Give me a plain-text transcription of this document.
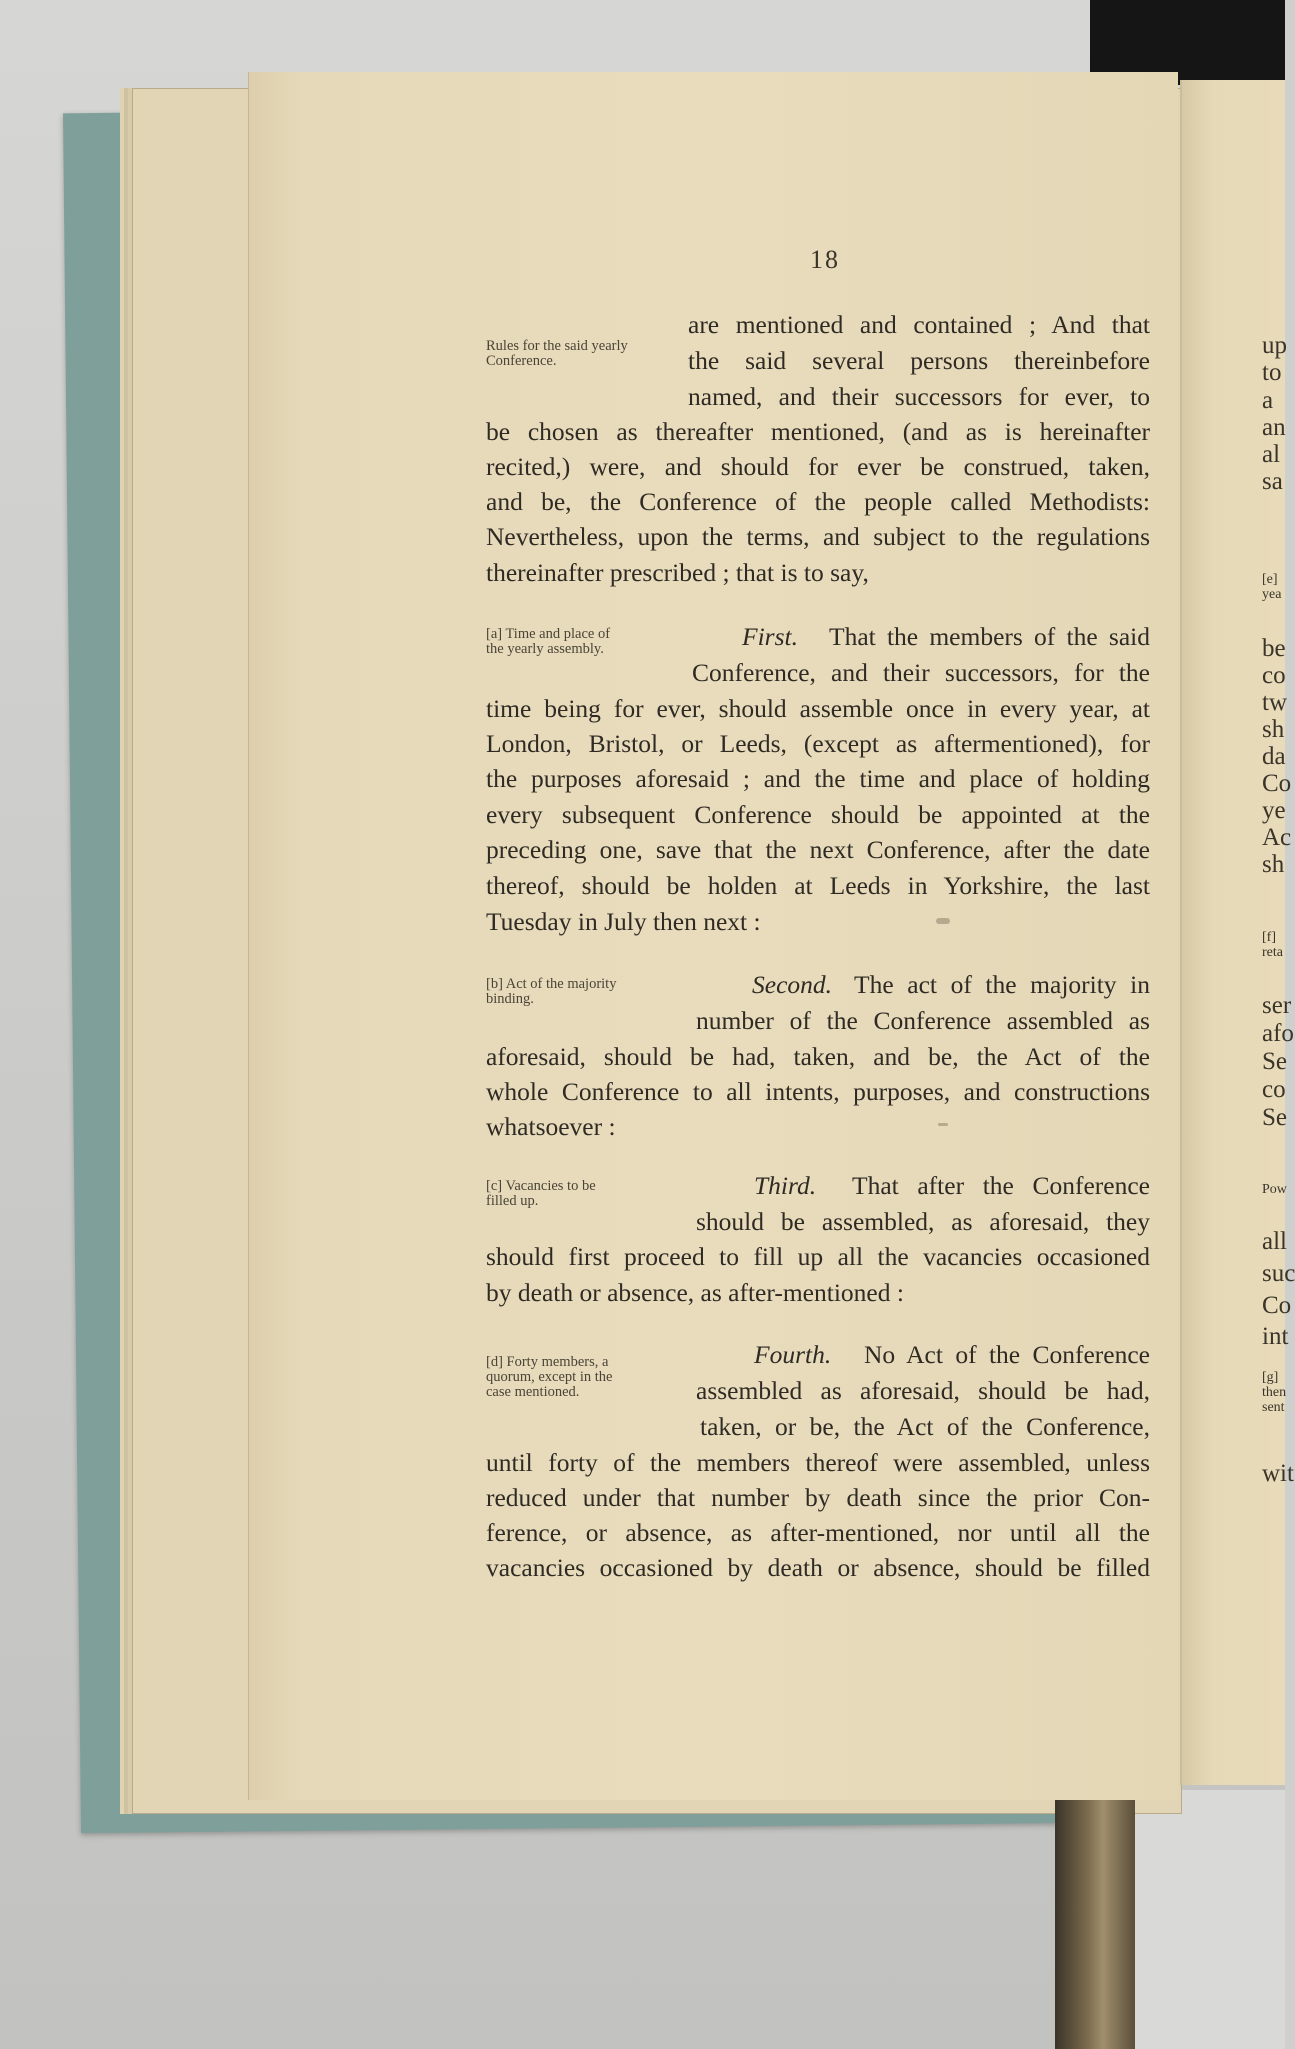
up
to
a
an
al
sa
[e]
yea
be
co
tw
sh
da
Co
ye
Ac
sh
[f]
reta
ser
afo
Se
co
Se
Pow
all
suc
Co
int
[g]
then
sent
wit
18
Rules for the said yearly
Conference.
are mentioned and contained ; And that
the said several persons thereinbefore
named, and their successors for ever, to
be chosen as thereafter mentioned, (and as is hereinafter
recited,) were, and should for ever be construed, taken,
and be, the Conference of the people called Methodists:
Nevertheless, upon the terms, and subject to the regulations
thereinafter prescribed ; that is to say,
[a] Time and place of
the yearly assembly.	First. That the members of the said
Conference, and their successors, for the
time being for ever, should assemble once in every year, at
London, Bristol, or Leeds, (except as aftermentioned), for
the purposes aforesaid ; and the time and place of holding
every subsequent Conference should be appointed at the
preceding one, save that the next Conference, after the date
thereof, should be holden at Leeds in Yorkshire, the last
Tuesday in July then next :
[b] Act of the majority
binding.	Second. The act of the majority in
number of the Conference assembled as
aforesaid, should be had, taken, and be, the Act of the
whole Conference to all intents, purposes, and constructions
whatsoever :
[c] Vacancies to be
filled up.
Third. That after the Conference
should be assembled, as aforesaid, they
should first proceed to fill up all the vacancies occasioned
by death or absence, as after-mentioned :
[d] Forty members, a
quorum, except in the
case mentioned.
Fourth. No Act of the Conference
assembled as aforesaid, should be had,
taken, or be, the Act of the Conference,
until forty of the members thereof were assembled, unless
reduced under that number by death since the prior Con-
ference, or absence, as after-mentioned, nor until all the
vacancies occasioned by death or absence, should be filled
